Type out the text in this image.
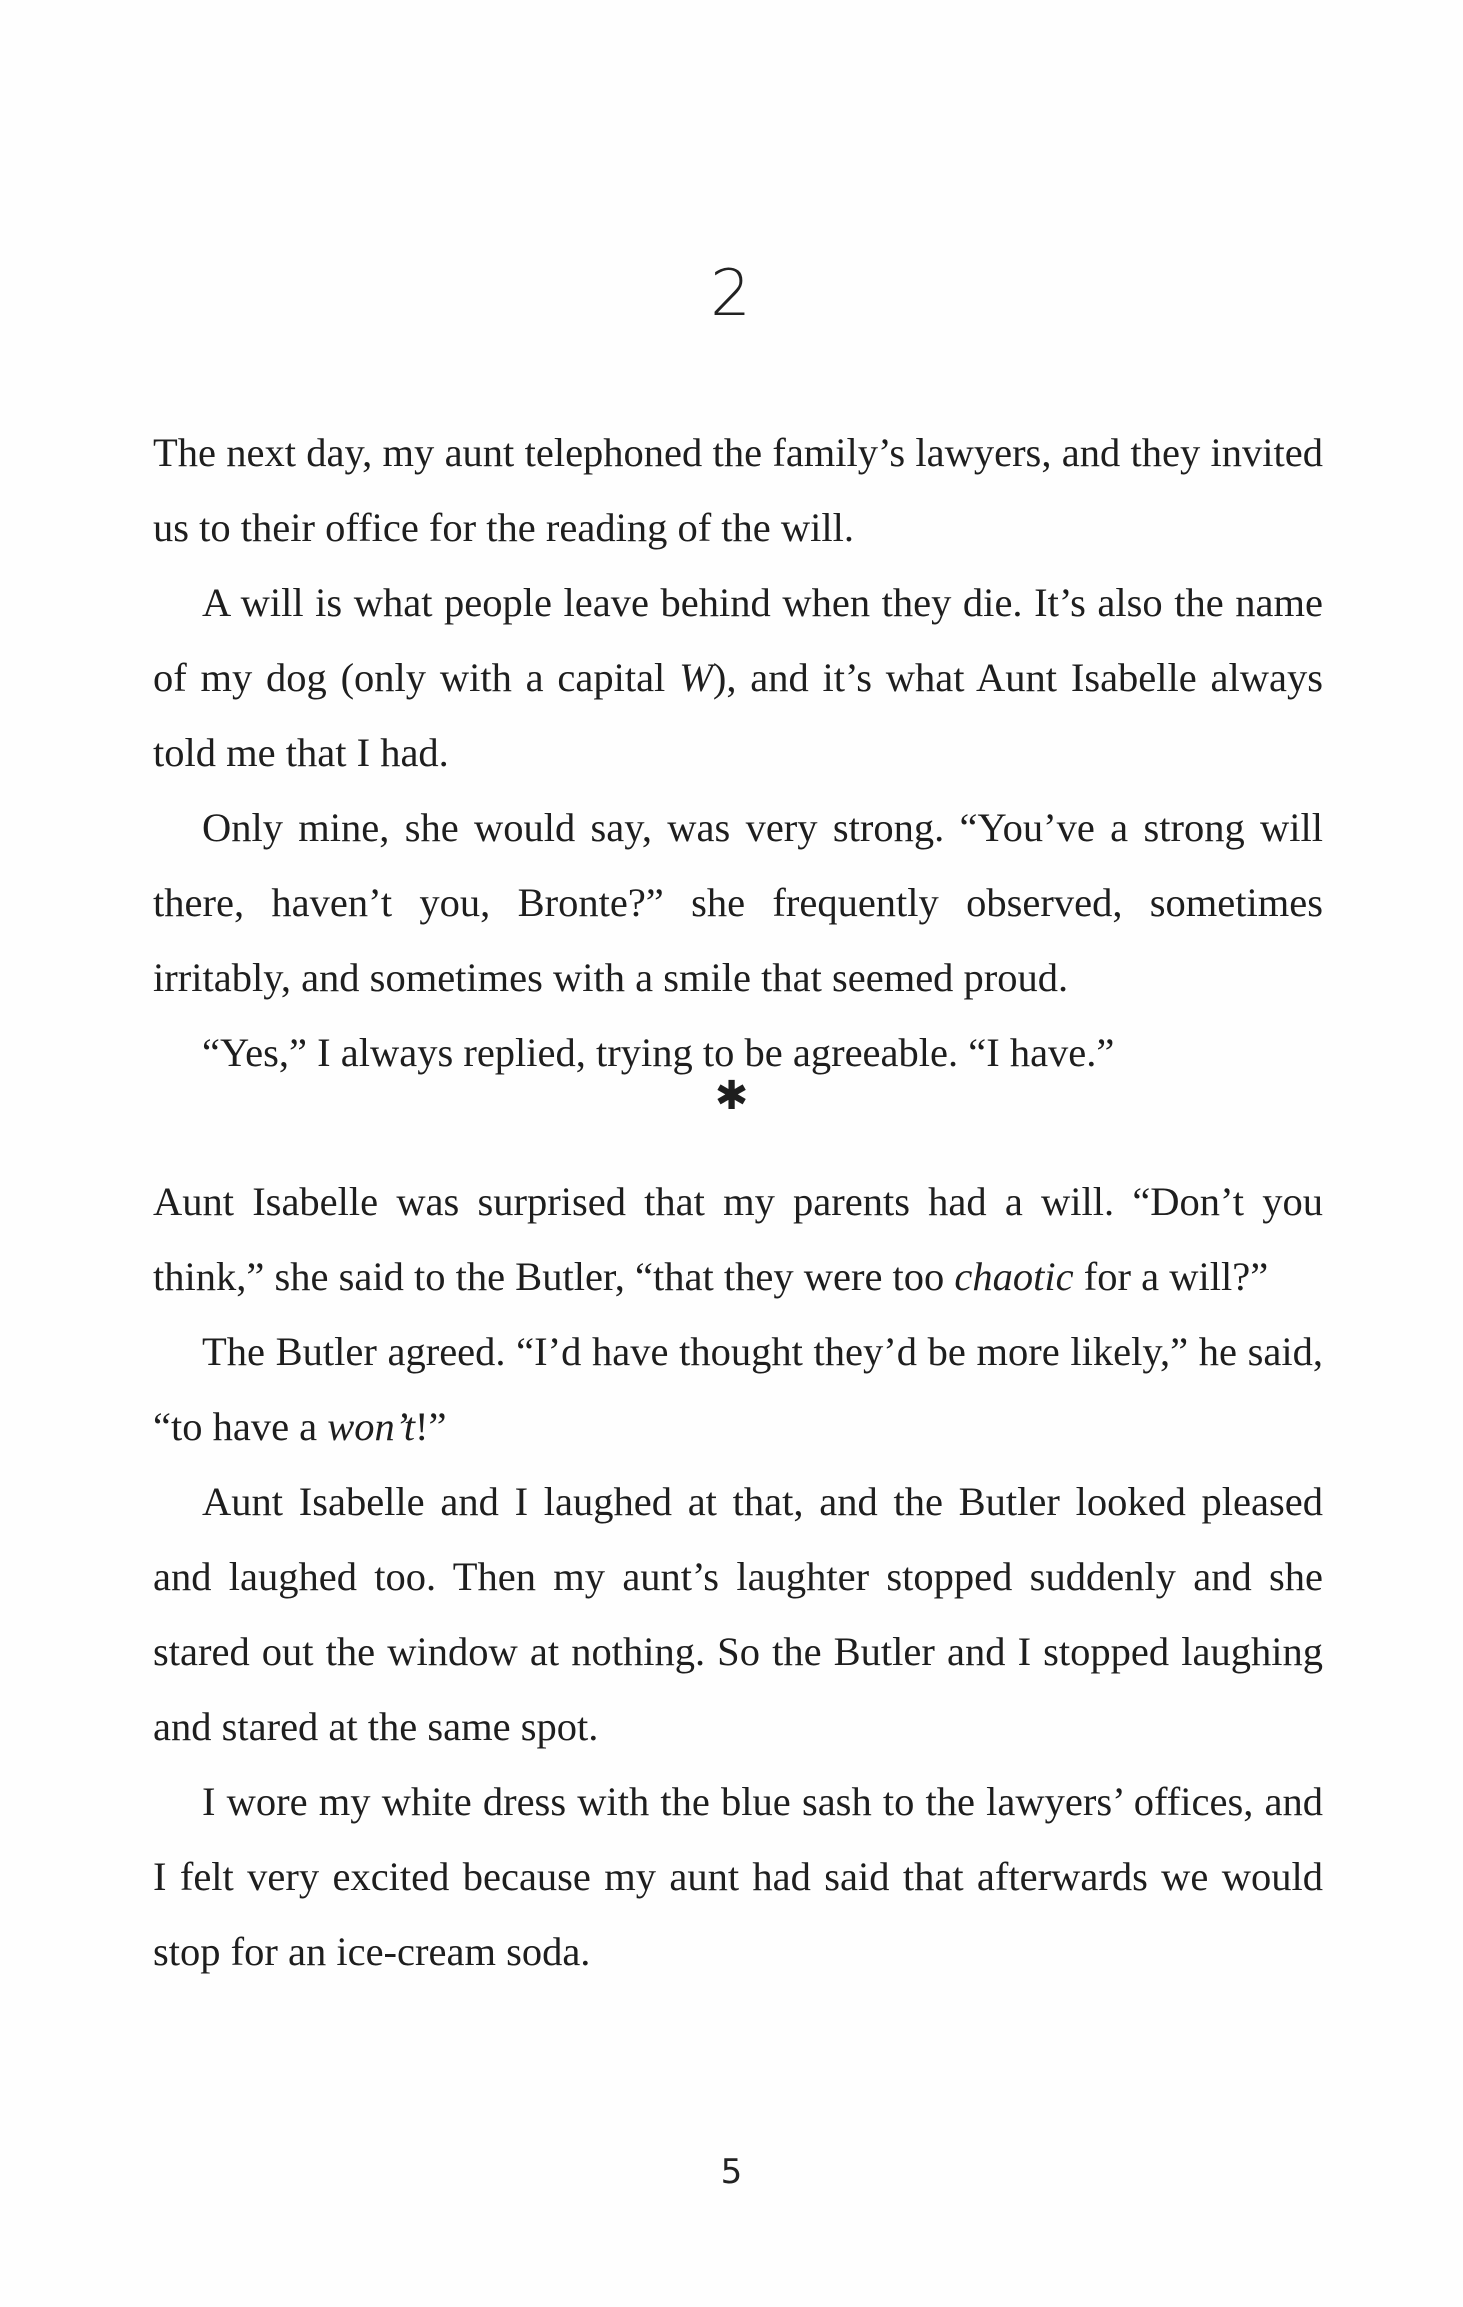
2

The next day, my aunt telephoned the family’s lawyers, and they invited us to their office for the reading of the will.

A will is what people leave behind when they die. It’s also the name of my dog (only with a capital W), and it’s what Aunt Isabelle always told me that I had.

Only mine, she would say, was very strong. “You’ve a strong will there, haven’t you, Bronte?” she frequently observed, sometimes irritably, and sometimes with a smile that seemed proud.

“Yes,” I always replied, trying to be agreeable. “I have.”

✱

Aunt Isabelle was surprised that my parents had a will. “Don’t you think,” she said to the Butler, “that they were too chaotic for a will?”

The Butler agreed. “I’d have thought they’d be more likely,” he said, “to have a won’t!”

Aunt Isabelle and I laughed at that, and the Butler looked pleased and laughed too. Then my aunt’s laughter stopped suddenly and she stared out the window at nothing. So the Butler and I stopped laughing and stared at the same spot.

I wore my white dress with the blue sash to the lawyers’ offices, and I felt very excited because my aunt had said that afterwards we would stop for an ice-cream soda.

5
